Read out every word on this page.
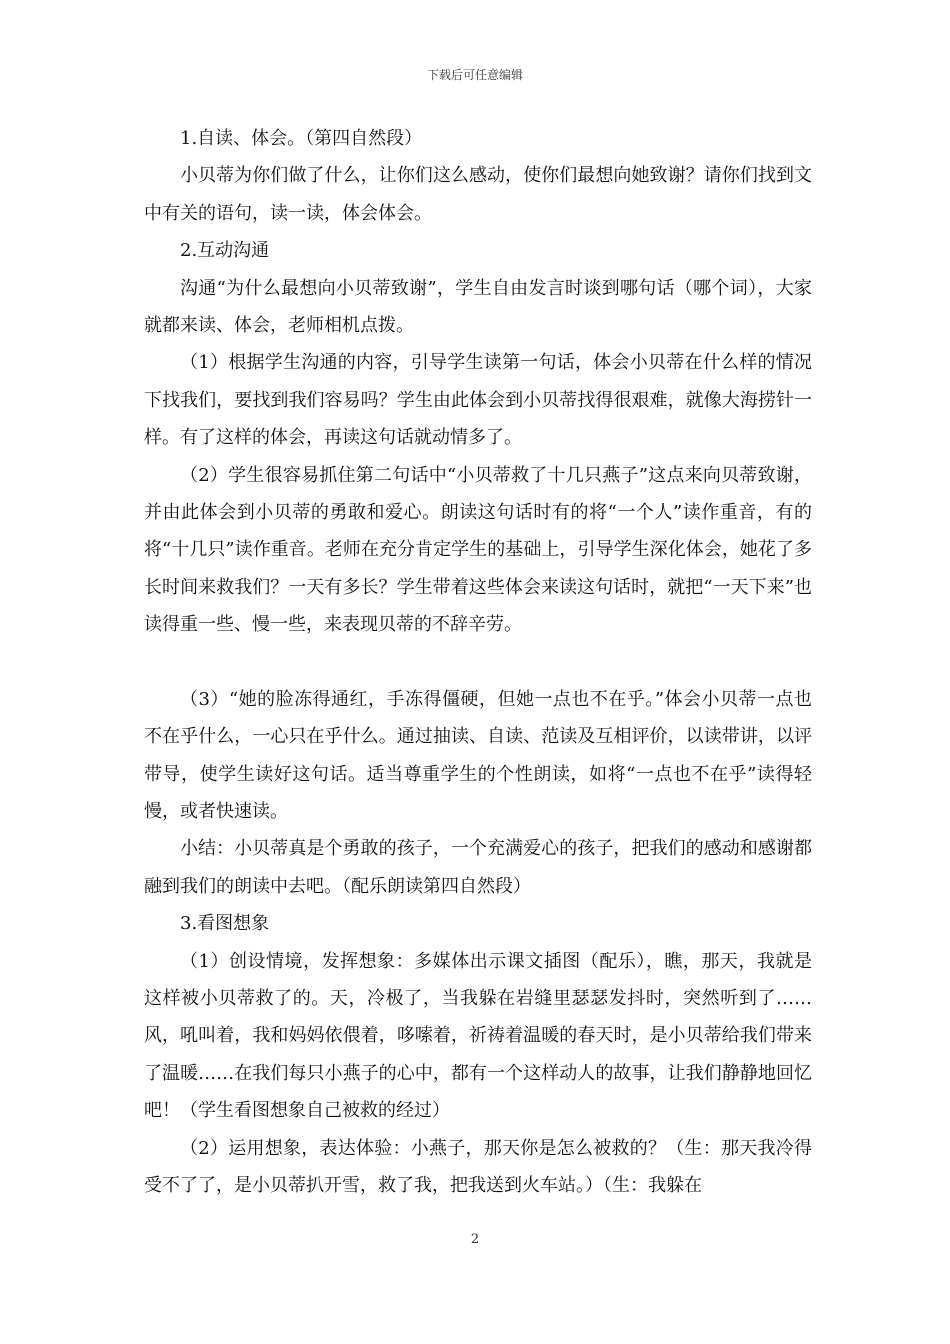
下载后可任意编辑

1.自读、体会。（第四自然段）

小贝蒂为你们做了什么，让你们这么感动，使你们最想向她致谢？请你们找到文中有关的语句，读一读，体会体会。

2.互动沟通

沟通“为什么最想向小贝蒂致谢”，学生自由发言时谈到哪句话（哪个词），大家就都来读、体会，老师相机点拨。

（1）根据学生沟通的内容，引导学生读第一句话，体会小贝蒂在什么样的情况下找我们，要找到我们容易吗？学生由此体会到小贝蒂找得很艰难，就像大海捞针一样。有了这样的体会，再读这句话就动情多了。

（2）学生很容易抓住第二句话中“小贝蒂救了十几只燕子”这点来向贝蒂致谢，并由此体会到小贝蒂的勇敢和爱心。朗读这句话时有的将“一个人”读作重音，有的将“十几只”读作重音。老师在充分肯定学生的基础上，引导学生深化体会，她花了多长时间来救我们？一天有多长？学生带着这些体会来读这句话时，就把“一天下来”也读得重一些、慢一些，来表现贝蒂的不辞辛劳。

（3）“她的脸冻得通红，手冻得僵硬，但她一点也不在乎。”体会小贝蒂一点也不在乎什么，一心只在乎什么。通过抽读、自读、范读及互相评价，以读带讲，以评带导，使学生读好这句话。适当尊重学生的个性朗读，如将“一点也不在乎”读得轻慢，或者快速读。

小结：小贝蒂真是个勇敢的孩子，一个充满爱心的孩子，把我们的感动和感谢都融到我们的朗读中去吧。（配乐朗读第四自然段）

3.看图想象

（1）创设情境，发挥想象：多媒体出示课文插图（配乐），瞧，那天，我就是这样被小贝蒂救了的。天，冷极了，当我躲在岩缝里瑟瑟发抖时，突然听到了……风，吼叫着，我和妈妈依偎着，哆嗦着，祈祷着温暖的春天时，是小贝蒂给我们带来了温暖……在我们每只小燕子的心中，都有一个这样动人的故事，让我们静静地回忆吧！（学生看图想象自己被救的经过）

（2）运用想象，表达体验：小燕子，那天你是怎么被救的？（生：那天我冷得受不了了，是小贝蒂扒开雪，救了我，把我送到火车站。）（生：我躲在

2
